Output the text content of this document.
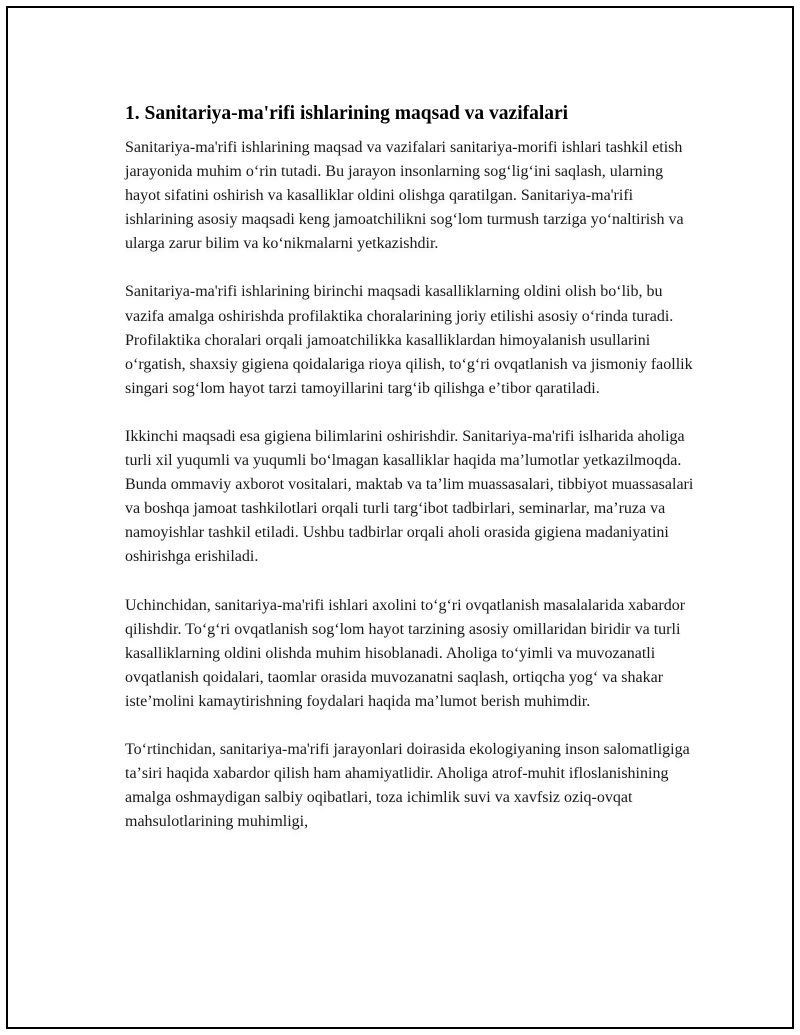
1. Sanitariya-ma'rifi ishlarining maqsad va vazifalari

Sanitariya-ma'rifi ishlarining maqsad va vazifalari sanitariya-morifi ishlari tashkil etish jarayonida muhim oʻrin tutadi. Bu jarayon insonlarning sogʻligʻini saqlash, ularning hayot sifatini oshirish va kasalliklar oldini olishga qaratilgan. Sanitariya-ma'rifi ishlarining asosiy maqsadi keng jamoatchilikni sogʻlom turmush tarziga yoʻnaltirish va ularga zarur bilim va koʻnikmalarni yetkazishdir.

Sanitariya-ma'rifi ishlarining birinchi maqsadi kasalliklarning oldini olish boʻlib, bu vazifa amalga oshirishda profilaktika choralarining joriy etilishi asosiy oʻrinda turadi. Profilaktika choralari orqali jamoatchilikka kasalliklardan himoyalanish usullarini oʻrgatish, shaxsiy gigiena qoidalariga rioya qilish, toʻgʻri ovqatlanish va jismoniy faollik singari sogʻlom hayot tarzi tamoyillarini targʻib qilishga eʼtibor qaratiladi.

Ikkinchi maqsadi esa gigiena bilimlarini oshirishdir. Sanitariya-ma'rifi islharida aholiga turli xil yuqumli va yuqumli boʻlmagan kasalliklar haqida maʼlumotlar yetkazilmoqda. Bunda ommaviy axborot vositalari, maktab va taʼlim muassasalari, tibbiyot muassasalari va boshqa jamoat tashkilotlari orqali turli targʻibot tadbirlari, seminarlar, maʼruza va namoyishlar tashkil etiladi. Ushbu tadbirlar orqali aholi orasida gigiena madaniyatini oshirishga erishiladi.

Uchinchidan, sanitariya-ma'rifi ishlari axolini toʻgʻri ovqatlanish masalalarida xabardor qilishdir. Toʻgʻri ovqatlanish sogʻlom hayot tarzining asosiy omillaridan biridir va turli kasalliklarning oldini olishda muhim hisoblanadi. Aholiga toʻyimli va muvozanatli ovqatlanish qoidalari, taomlar orasida muvozanatni saqlash, ortiqcha yogʻ va shakar isteʼmolini kamaytirishning foydalari haqida maʼlumot berish muhimdir.

Toʻrtinchidan, sanitariya-ma'rifi jarayonlari doirasida ekologiyaning inson salomatligiga taʼsiri haqida xabardor qilish ham ahamiyatlidir. Aholiga atrof-muhit ifloslanishining amalga oshmaydigan salbiy oqibatlari, toza ichimlik suvi va xavfsiz oziq-ovqat mahsulotlarining muhimligi,
